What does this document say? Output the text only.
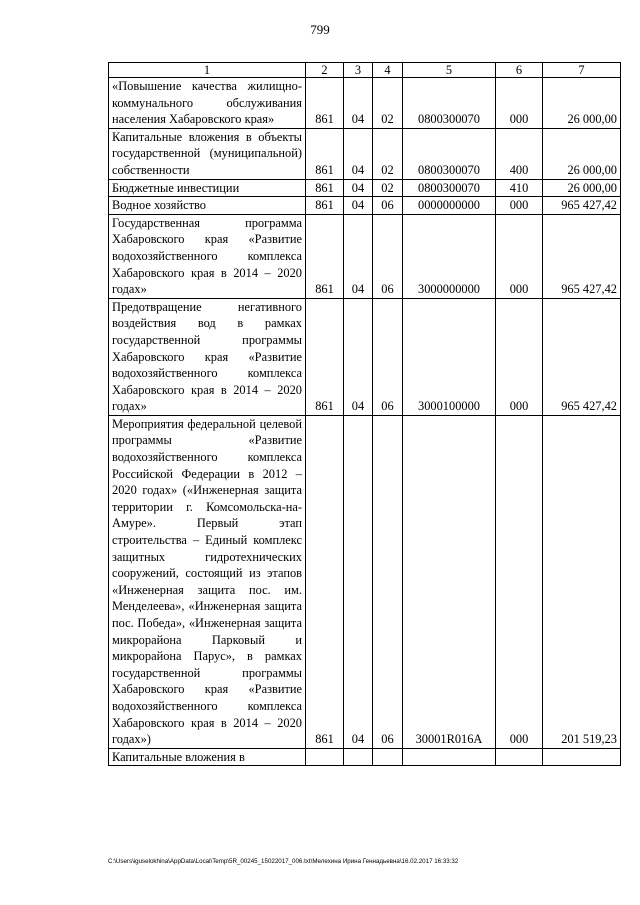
799
1	2	3	4	5	6	7
«Повышение качества жилищно-коммунального обслуживания населения Хабаровского края»	861	04	02	0800300070	000	26 000,00
Капитальные вложения в объекты государственной (муниципальной) собственности	861	04	02	0800300070	400	26 000,00
Бюджетные инвестиции	861	04	02	0800300070	410	26 000,00
Водное хозяйство	861	04	06	0000000000	000	965 427,42
Государственная программа Хабаровского края «Развитие водохозяйственного комплекса Хабаровского края в 2014 – 2020 годах»	861	04	06	3000000000	000	965 427,42
Предотвращение негативного воздействия вод в рамках государственной программы Хабаровского края «Развитие водохозяйственного комплекса Хабаровского края в 2014 – 2020 годах»	861	04	06	3000100000	000	965 427,42
Мероприятия федеральной целевой программы «Развитие водохозяйственного комплекса Российской Федерации в 2012 – 2020 годах» («Инженерная защита территории г. Комсомольска-на-Амуре». Первый этап строительства – Единый комплекс защитных гидротехнических сооружений, состоящий из этапов «Инженерная защита пос. им. Менделеева», «Инженерная защита пос. Победа», «Инженерная защита микрорайона Парковый и микрорайона Парус», в рамках государственной программы Хабаровского края «Развитие водохозяйственного комплекса Хабаровского края в 2014 – 2020 годах»)	861	04	06	30001R016A	000	201 519,23
Капитальные вложения в						
C:\Users\iguselokhina\AppData\Local\Temp\5R_00245_15022017_006.txt\Мелехина Ирина Геннадьевна\16.02.2017 16:33:32
